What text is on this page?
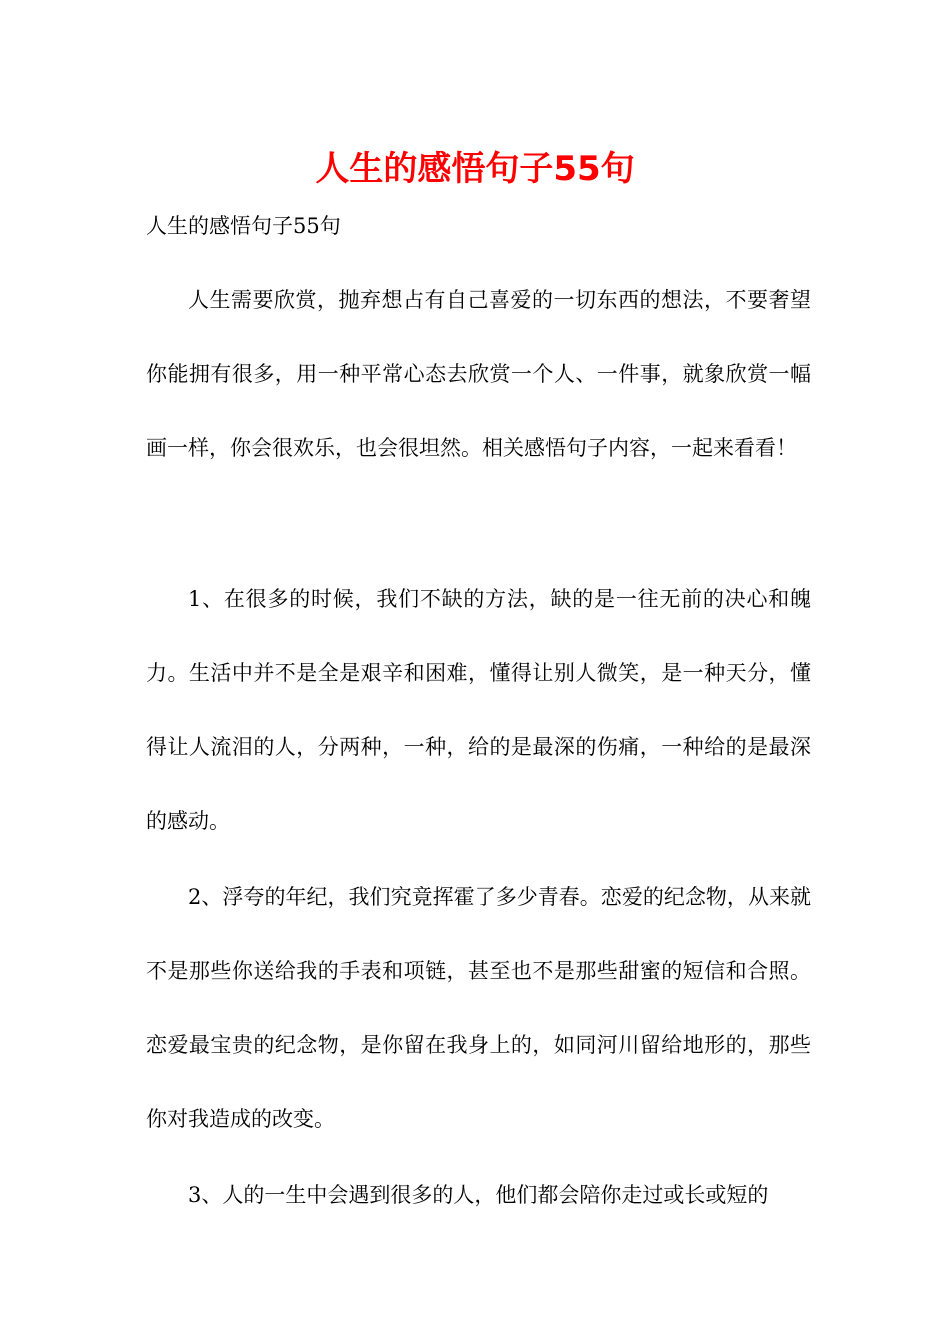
人生的感悟句子55句

人生的感悟句子55句

人生需要欣赏，抛弃想占有自己喜爱的一切东西的想法，不要奢望你能拥有很多，用一种平常心态去欣赏一个人、一件事，就象欣赏一幅画一样，你会很欢乐，也会很坦然。相关感悟句子内容，一起来看看！

1、在很多的时候，我们不缺的方法，缺的是一往无前的决心和魄力。生活中并不是全是艰辛和困难，懂得让别人微笑，是一种天分，懂得让人流泪的人，分两种，一种，给的是最深的伤痛，一种给的是最深的感动。

2、浮夸的年纪，我们究竟挥霍了多少青春。恋爱的纪念物，从来就不是那些你送给我的手表和项链，甚至也不是那些甜蜜的短信和合照。恋爱最宝贵的纪念物，是你留在我身上的，如同河川留给地形的，那些你对我造成的改变。

3、人的一生中会遇到很多的人，他们都会陪你走过或长或短的
